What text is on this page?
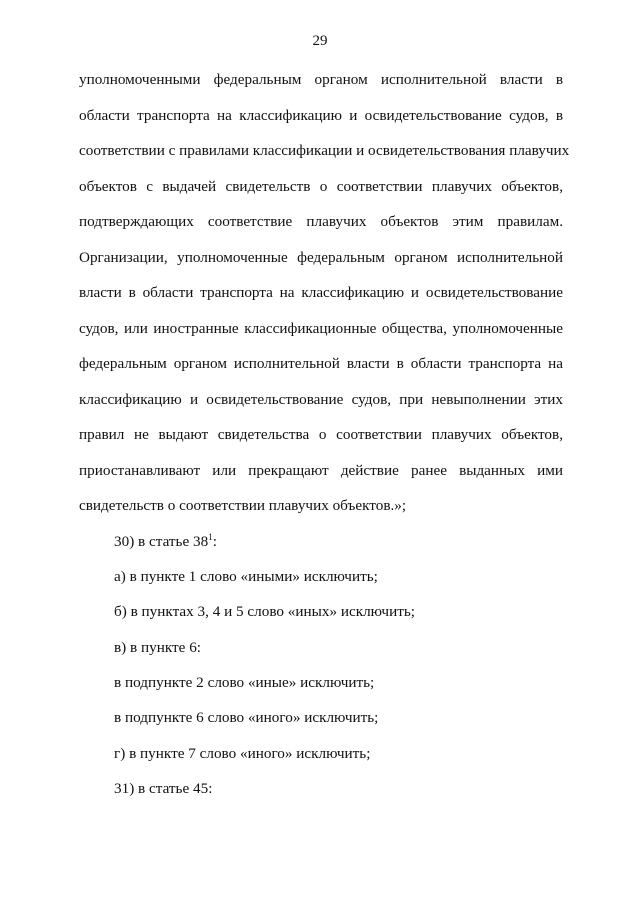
29
уполномоченными федеральным органом исполнительной власти в
области транспорта на классификацию и освидетельствование судов, в
соответствии с правилами классификации и освидетельствования плавучих
объектов с выдачей свидетельств о соответствии плавучих объектов,
подтверждающих соответствие плавучих объектов этим правилам.
Организации, уполномоченные федеральным органом исполнительной
власти в области транспорта на классификацию и освидетельствование
судов, или иностранные классификационные общества, уполномоченные
федеральным органом исполнительной власти в области транспорта на
классификацию и освидетельствование судов, при невыполнении этих
правил не выдают свидетельства о соответствии плавучих объектов,
приостанавливают или прекращают действие ранее выданных ими
свидетельств о соответствии плавучих объектов.»;
30) в статье $38^1$:
а) в пункте 1 слово «иными» исключить;
б) в пунктах 3, 4 и 5 слово «иных» исключить;
в) в пункте 6:
в подпункте 2 слово «иные» исключить;
в подпункте 6 слово «иного» исключить;
г) в пункте 7 слово «иного» исключить;
31) в статье 45:
